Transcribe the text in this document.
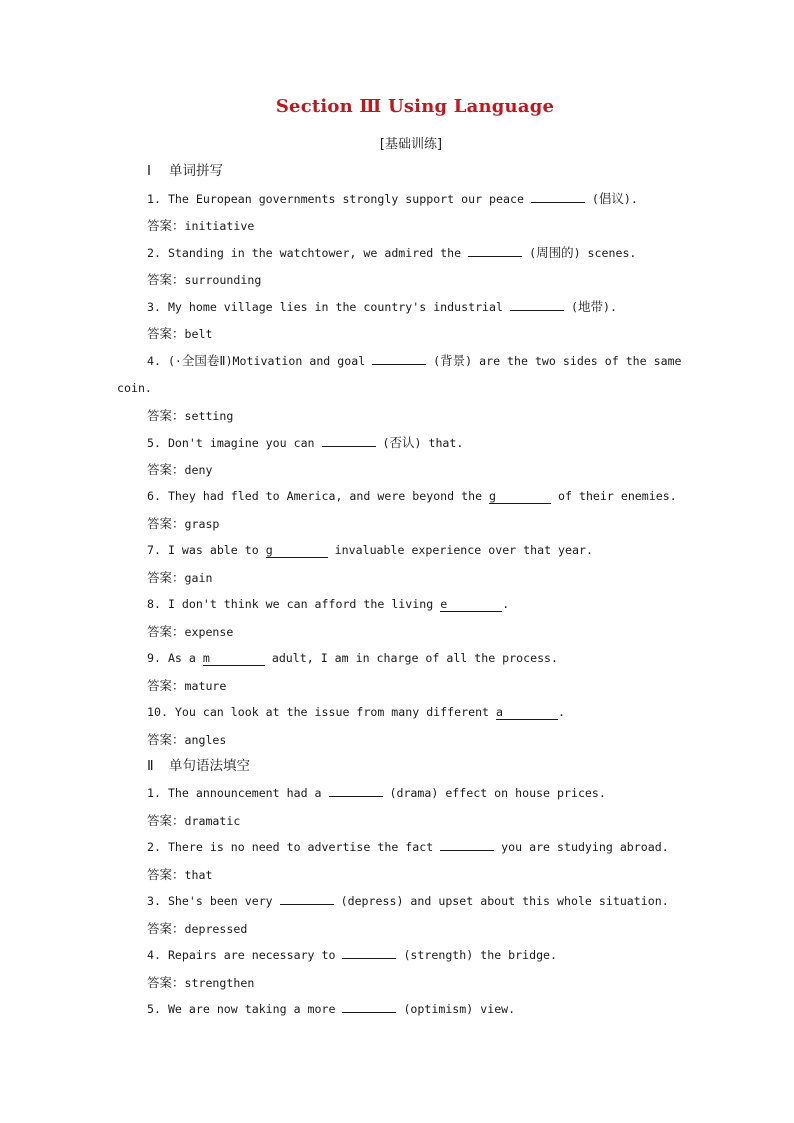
Section Ⅲ Using Language
[基础训练]
Ⅰ 单词拼写
1. The European governments strongly support our peace	(倡议).
答案：initiative
2. Standing in the watchtower, we admired the	(周围的) scenes.
答案：surrounding
3. My home village lies in the country's industrial	(地带).
答案：belt
4. (·全国卷Ⅱ)Motivation and goal	(背景) are the two sides of the same coin.
答案：setting
5. Don't imagine you can	(否认) that.
答案：deny
6. They had fled to America, and were beyond the g	of their enemies.
答案：grasp
7. I was able to g	invaluable experience over that year.
答案：gain
8. I don't think we can afford the living e	.
答案：expense
9. As a m	adult, I am in charge of all the process.
答案：mature
10. You can look at the issue from many different a	.
答案：angles
Ⅱ 单句语法填空
1. The announcement had a	(drama) effect on house prices.
答案：dramatic
2. There is no need to advertise the fact	you are studying abroad.
答案：that
3. She's been very	(depress) and upset about this whole situation.
答案：depressed
4. Repairs are necessary to	(strength) the bridge.
答案：strengthen
5. We are now taking a more	(optimism) view.
